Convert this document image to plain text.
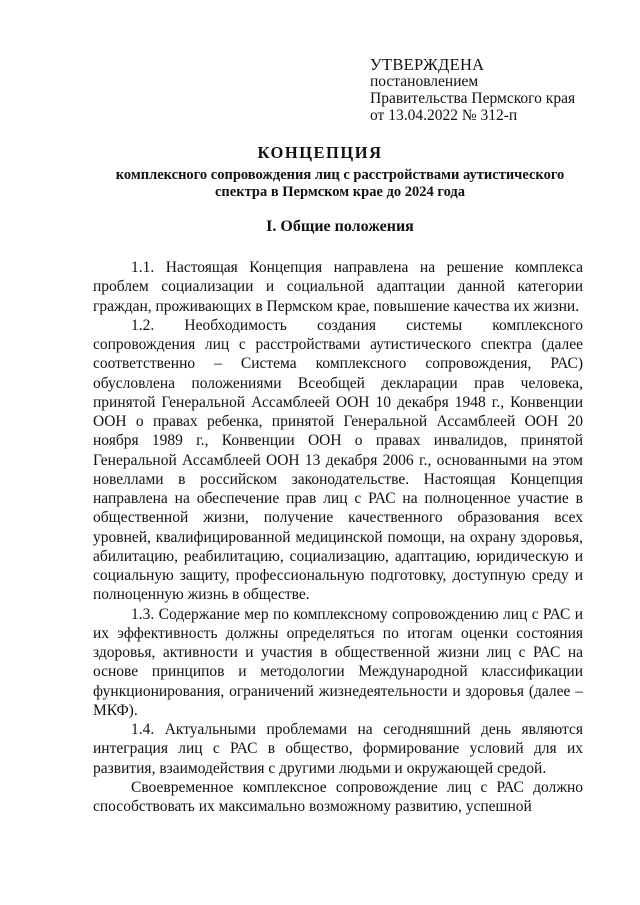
УТВЕРЖДЕНА
постановлением
Правительства Пермского края
от 13.04.2022 № 312-п
КОНЦЕПЦИЯ
комплексного сопровождения лиц с расстройствами аутистического спектра в Пермском крае до 2024 года
I. Общие положения

1.1. Настоящая Концепция направлена на решение комплекса проблем социализации и социальной адаптации данной категории граждан, проживающих в Пермском крае, повышение качества их жизни.

1.2. Необходимость создания системы комплексного сопровождения лиц с расстройствами аутистического спектра (далее соответственно – Система комплексного сопровождения, РАС) обусловлена положениями Всеобщей декларации прав человека, принятой Генеральной Ассамблеей ООН 10 декабря 1948 г., Конвенции ООН о правах ребенка, принятой Генеральной Ассамблеей ООН 20 ноября 1989 г., Конвенции ООН о правах инвалидов, принятой Генеральной Ассамблеей ООН 13 декабря 2006 г., основанными на этом новеллами в российском законодательстве. Настоящая Концепция направлена на обеспечение прав лиц с РАС на полноценное участие в общественной жизни, получение качественного образования всех уровней, квалифицированной медицинской помощи, на охрану здоровья, абилитацию, реабилитацию, социализацию, адаптацию, юридическую и социальную защиту, профессиональную подготовку, доступную среду и полноценную жизнь в обществе.

1.3. Содержание мер по комплексному сопровождению лиц с РАС и их эффективность должны определяться по итогам оценки состояния здоровья, активности и участия в общественной жизни лиц с РАС на основе принципов и методологии Международной классификации функционирования, ограничений жизнедеятельности и здоровья (далее – МКФ).

1.4. Актуальными проблемами на сегодняшний день являются интеграция лиц с РАС в общество, формирование условий для их развития, взаимодействия с другими людьми и окружающей средой.

Своевременное комплексное сопровождение лиц с РАС должно способствовать их максимально возможному развитию, успешной
